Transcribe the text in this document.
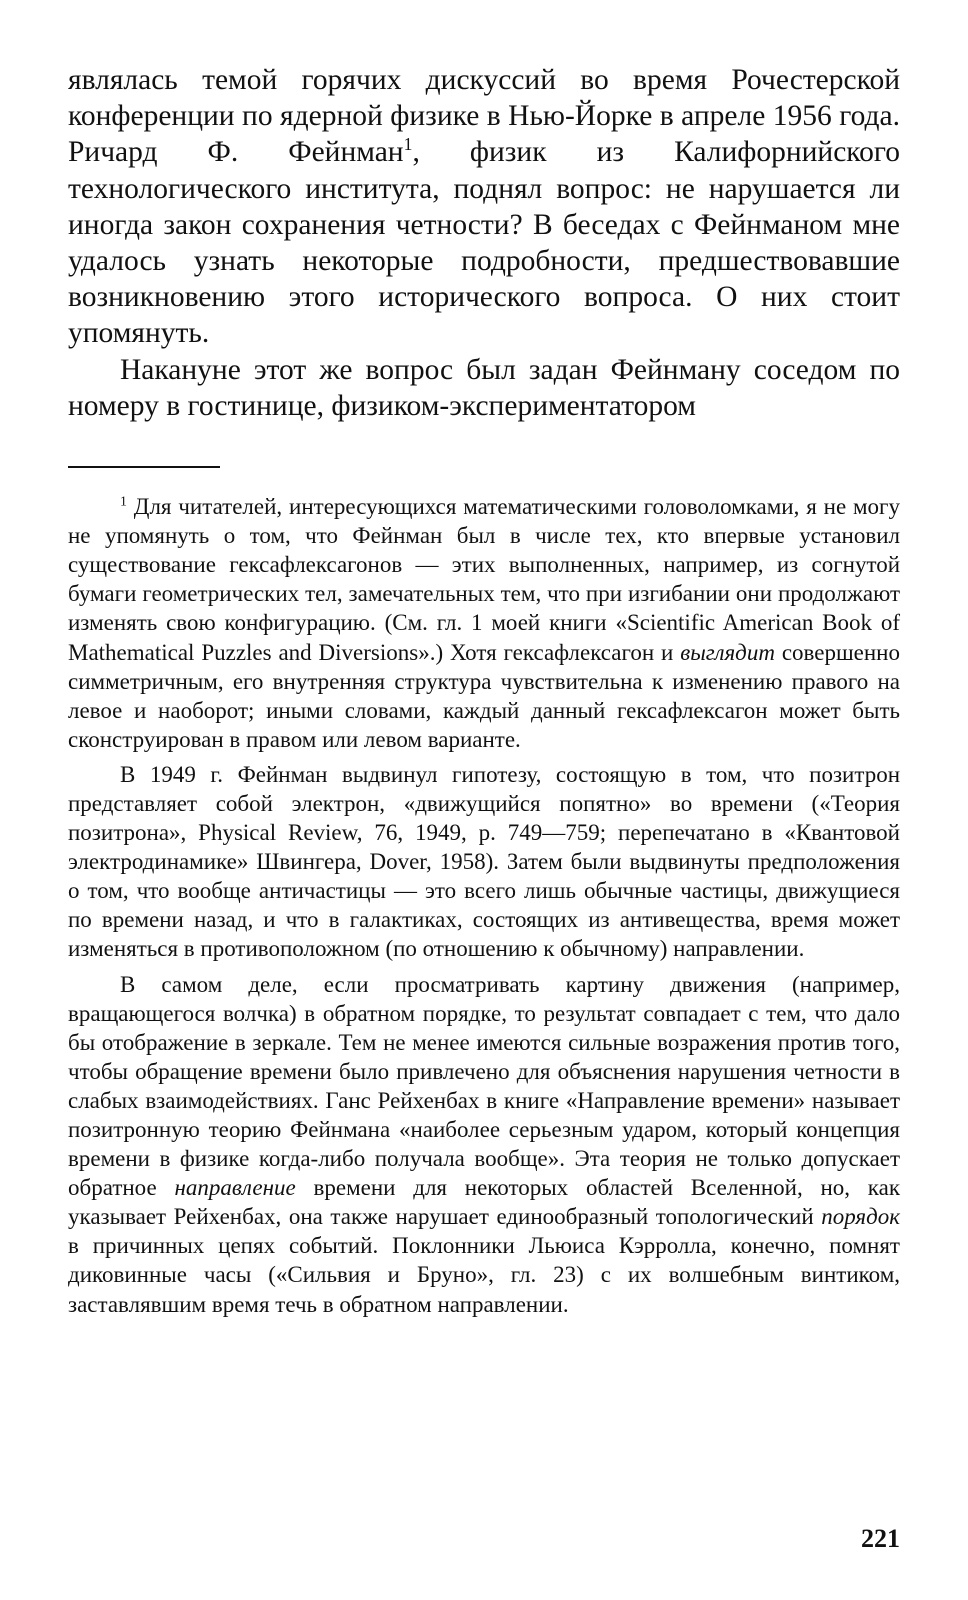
являлась темой горячих дискуссий во время Рочестерской конференции по ядерной физике в Нью-Йорке в апреле 1956 года. Ричард Ф. Фейнман$^1$, физик из Калифорнийского технологического института, поднял вопрос: не нарушается ли иногда закон сохранения четности? В беседах с Фейнманом мне удалось узнать некоторые подробности, предшествовавшие возникновению этого исторического вопроса. О них стоит упомянуть.

Накануне этот же вопрос был задан Фейнману соседом по номеру в гостинице, физиком-экспериментатором

$^1$ Для читателей, интересующихся математическими головоломками, я не могу не упомянуть о том, что Фейнман был в числе тех, кто впервые установил существование гексафлексагонов — этих выполненных, например, из согнутой бумаги геометрических тел, замечательных тем, что при изгибании они продолжают изменять свою конфигурацию. (См. гл. 1 моей книги «Scientific American Book of Mathematical Puzzles and Diversions».) Хотя гексафлексагон и выглядит совершенно симметричным, его внутренняя структура чувствительна к изменению правого на левое и наоборот; иными словами, каждый данный гексафлексагон может быть сконструирован в правом или левом варианте.

В 1949 г. Фейнман выдвинул гипотезу, состоящую в том, что позитрон представляет собой электрон, «движущийся попятно» во времени («Теория позитрона», Physical Review, 76, 1949, p. 749—759; перепечатано в «Квантовой электродинамике» Швингера, Dover, 1958). Затем были выдвинуты предположения о том, что вообще античастицы — это всего лишь обычные частицы, движущиеся по времени назад, и что в галактиках, состоящих из антивещества, время может изменяться в противоположном (по отношению к обычному) направлении.

В самом деле, если просматривать картину движения (например, вращающегося волчка) в обратном порядке, то результат совпадает с тем, что дало бы отображение в зеркале. Тем не менее имеются сильные возражения против того, чтобы обращение времени было привлечено для объяснения нарушения четности в слабых взаимодействиях. Ганс Рейхенбах в книге «Направление времени» называет позитронную теорию Фейнмана «наиболее серьезным ударом, который концепция времени в физике когда-либо получала вообще». Эта теория не только допускает обратное направление времени для некоторых областей Вселенной, но, как указывает Рейхенбах, она также нарушает единообразный топологический порядок в причинных цепях событий. Поклонники Льюиса Кэрролла, конечно, помнят диковинные часы («Сильвия и Бруно», гл. 23) с их волшебным винтиком, заставлявшим время течь в обратном направлении.

221
